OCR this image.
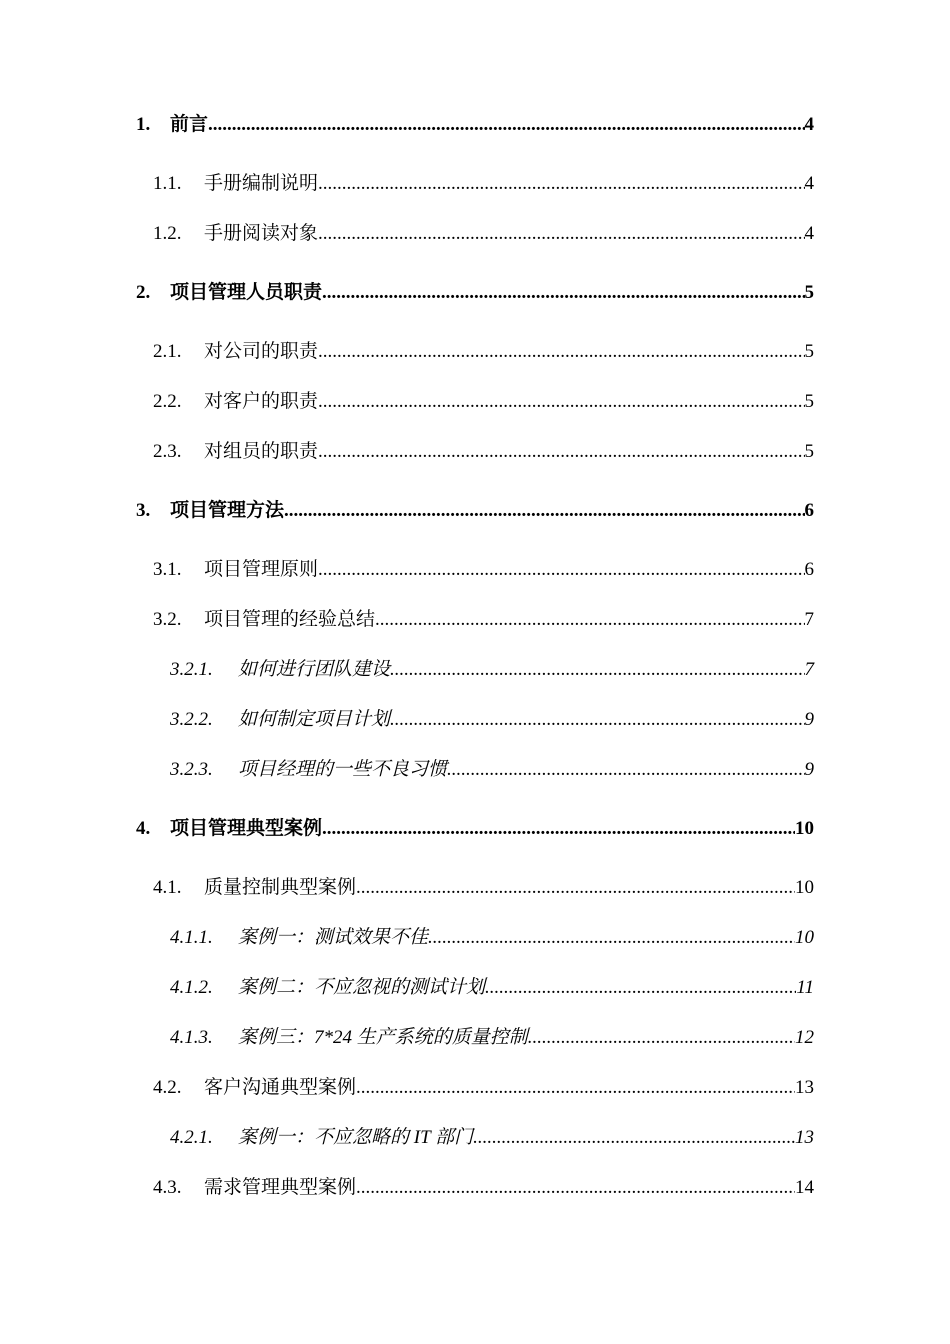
1.	前言 .....	4
1.1.	手册编制说明 .....	4
1.2.	手册阅读对象 .....	4
2.	项目管理人员职责 .....	5
2.1.	对公司的职责 .....	5
2.2.	对客户的职责 .....	5
2.3.	对组员的职责 .....	5
3.	项目管理方法 .....	6
3.1.	项目管理原则 .....	6
3.2.	项目管理的经验总结 .....	7
3.2.1.	如何进行团队建设 .....	7
3.2.2.	如何制定项目计划 .....	9
3.2.3.	项目经理的一些不良习惯 .....	9
4.	项目管理典型案例 .....	10
4.1.	质量控制典型案例 .....	10
4.1.1.	案例一：测试效果不佳 .....	10
4.1.2.	案例二：不应忽视的测试计划 .....	11
4.1.3.	案例三：7*24 生产系统的质量控制 .....	12
4.2.	客户沟通典型案例 .....	13
4.2.1.	案例一：不应忽略的 IT 部门 .....	13
4.3.	需求管理典型案例 .....	14
